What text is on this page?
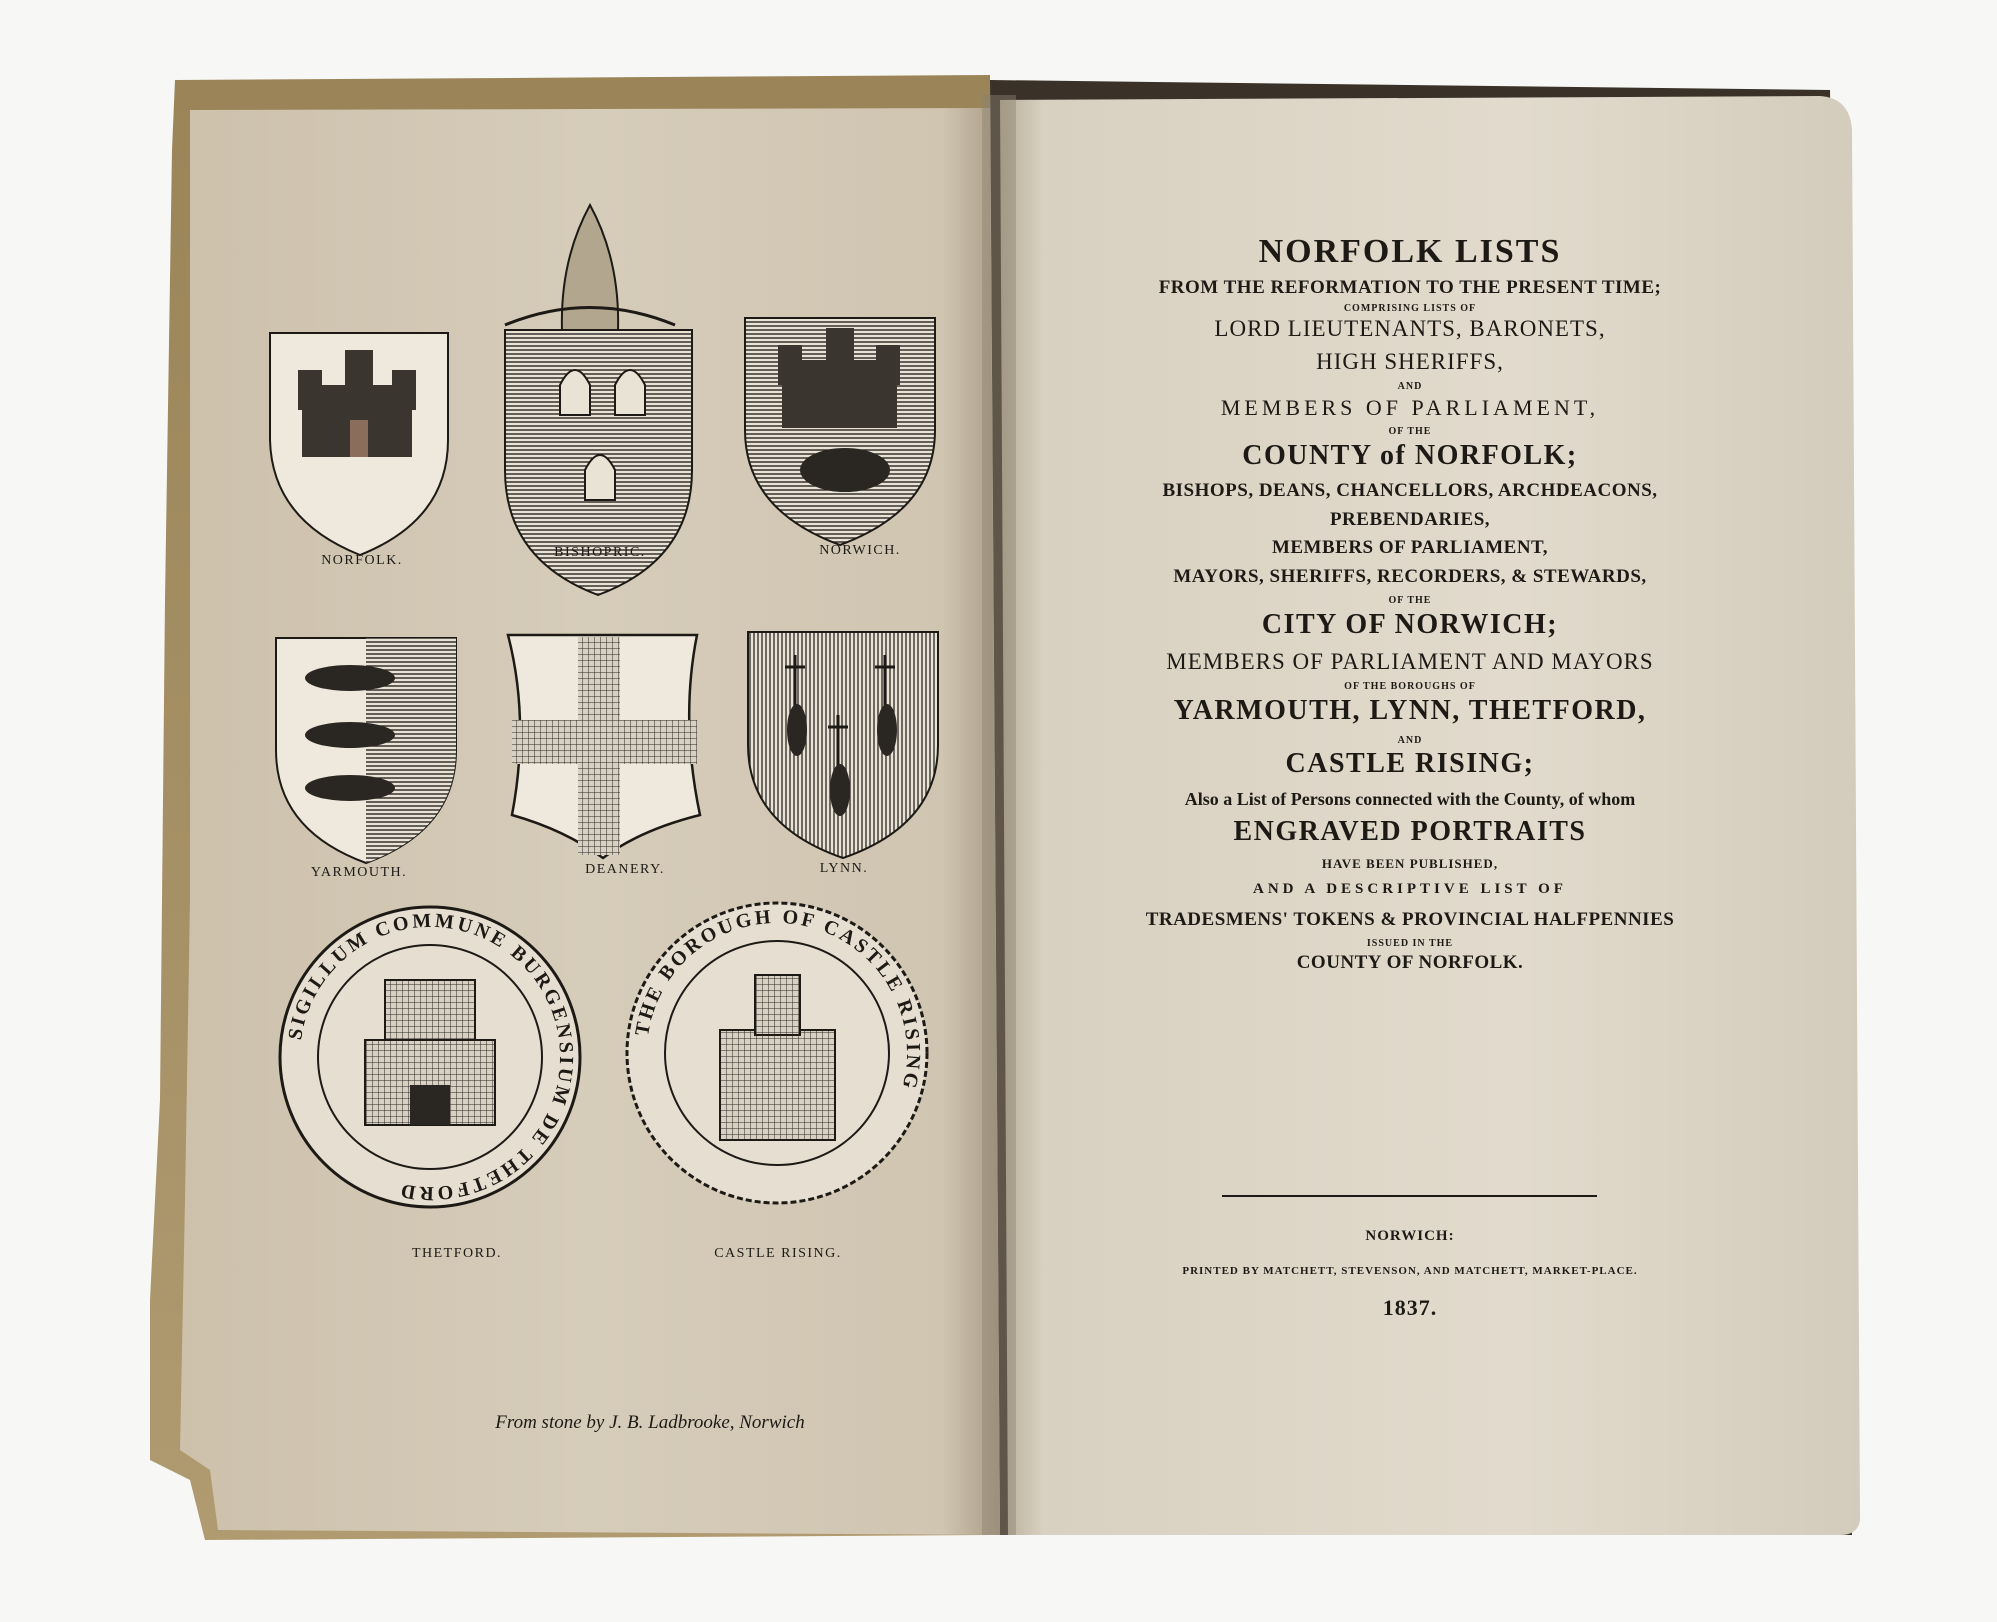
SIGILLUM COMMUNE BURGENSIUM DE THETFORD
THE BOROUGH OF CASTLE RISING
NORFOLK.
BISHOPRIC.	NORWICH.
YARMOUTH.	DEANERY.	LYNN.
THETFORD.	CASTLE RISING.
From stone by J. B. Ladbrooke, Norwich
NORFOLK LISTS
FROM THE REFORMATION TO THE PRESENT TIME;
COMPRISING LISTS OF
LORD LIEUTENANTS, BARONETS,
HIGH SHERIFFS,
AND
MEMBERS OF PARLIAMENT,
OF THE
COUNTY of NORFOLK;
BISHOPS, DEANS, CHANCELLORS, ARCHDEACONS,
PREBENDARIES,
MEMBERS OF PARLIAMENT,
MAYORS, SHERIFFS, RECORDERS, & STEWARDS,
OF THE
CITY OF NORWICH;
MEMBERS OF PARLIAMENT AND MAYORS
OF THE BOROUGHS OF
YARMOUTH, LYNN, THETFORD,
AND
CASTLE RISING;
Also a List of Persons connected with the County, of whom
ENGRAVED PORTRAITS
HAVE BEEN PUBLISHED,
AND A DESCRIPTIVE LIST OF
TRADESMENS' TOKENS & PROVINCIAL HALFPENNIES
ISSUED IN THE
COUNTY OF NORFOLK.
NORWICH:
PRINTED BY MATCHETT, STEVENSON, AND MATCHETT, MARKET-PLACE.
1837.
